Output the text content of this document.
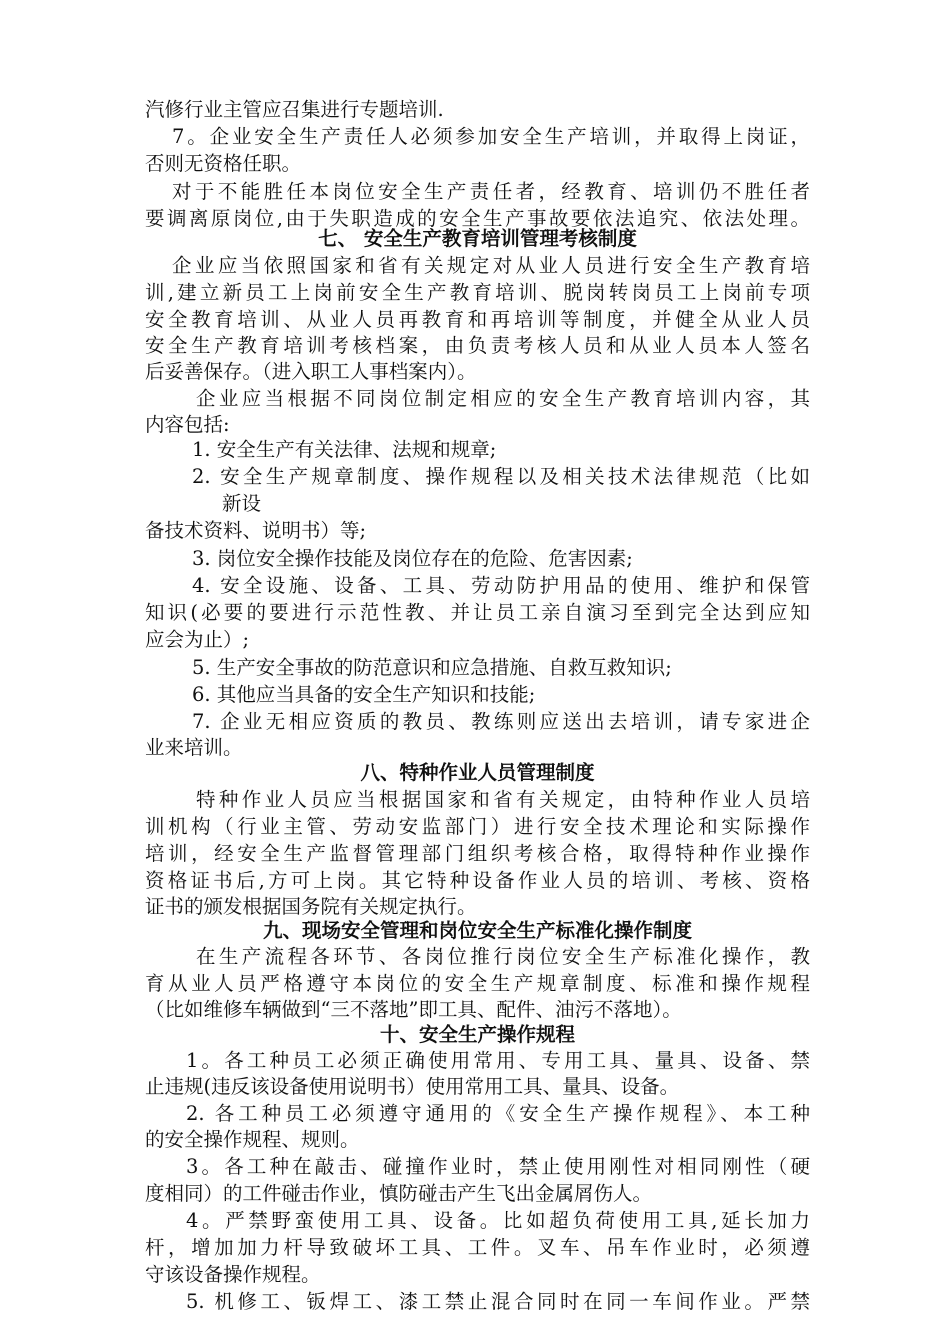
汽修行业主管应召集进行专题培训.
7。企业安全生产责任人必须参加安全生产培训，并取得上岗证，
否则无资格任职。
对于不能胜任本岗位安全生产责任者，经教育、培训仍不胜任者
要调离原岗位,由于失职造成的安全生产事故要依法追究、依法处理。
七、 安全生产教育培训管理考核制度
企业应当依照国家和省有关规定对从业人员进行安全生产教育培
训,建立新员工上岗前安全生产教育培训、脱岗转岗员工上岗前专项
安全教育培训、从业人员再教育和再培训等制度，并健全从业人员
安全生产教育培训考核档案，由负责考核人员和从业人员本人签名
后妥善保存。（进入职工人事档案内）。
企业应当根据不同岗位制定相应的安全生产教育培训内容，其
内容包括:
1. 安全生产有关法律、法规和规章;
2. 安全生产规章制度、操作规程以及相关技术法律规范（比如
新设
备技术资料、说明书）等;
3. 岗位安全操作技能及岗位存在的危险、危害因素;
4. 安全设施、设备、工具、劳动防护用品的使用、维护和保管
知识(必要的要进行示范性教、并让员工亲自演习至到完全达到应知
应会为止）;
5. 生产安全事故的防范意识和应急措施、自救互救知识;
6. 其他应当具备的安全生产知识和技能;
7. 企业无相应资质的教员、教练则应送出去培训，请专家进企
业来培训。
八、特种作业人员管理制度
特种作业人员应当根据国家和省有关规定，由特种作业人员培
训机构（行业主管、劳动安监部门）进行安全技术理论和实际操作
培训，经安全生产监督管理部门组织考核合格，取得特种作业操作
资格证书后,方可上岗。其它特种设备作业人员的培训、考核、资格
证书的颁发根据国务院有关规定执行。
九、现场安全管理和岗位安全生产标准化操作制度
在生产流程各环节、各岗位推行岗位安全生产标准化操作，教
育从业人员严格遵守本岗位的安全生产规章制度、标准和操作规程
（比如维修车辆做到“三不落地”即工具、配件、油污不落地）。
十、安全生产操作规程
1。各工种员工必须正确使用常用、专用工具、量具、设备、禁
止违规(违反该设备使用说明书）使用常用工具、量具、设备。
2. 各工种员工必须遵守通用的《安全生产操作规程》、本工种
的安全操作规程、规则。
3。各工种在敲击、碰撞作业时，禁止使用刚性对相同刚性（硬
度相同）的工件碰击作业，慎防碰击产生飞出金属屑伤人。
4。严禁野蛮使用工具、设备。比如超负荷使用工具,延长加力
杆，增加加力杆导致破坏工具、工件。叉车、吊车作业时，必须遵
守该设备操作规程。
5. 机修工、钣焊工、漆工禁止混合同时在同一车间作业。严禁
